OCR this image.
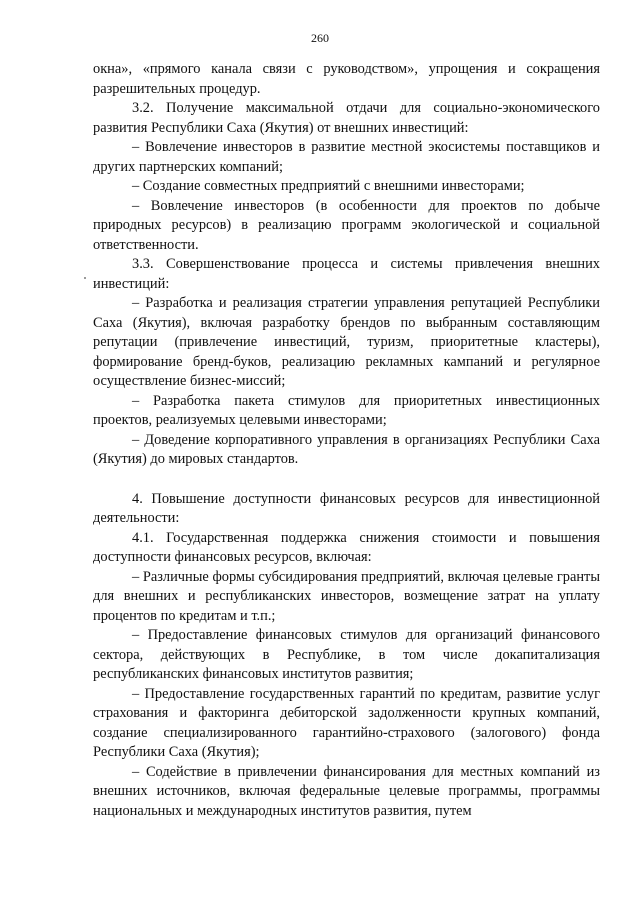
260

окна», «прямого канала связи с руководством», упрощения и сокращения разрешительных процедур.

3.2. Получение максимальной отдачи для социально-экономического развития Республики Саха (Якутия) от внешних инвестиций:

– Вовлечение инвесторов в развитие местной экосистемы поставщиков и других партнерских компаний;

– Создание совместных предприятий с внешними инвесторами;

– Вовлечение инвесторов (в особенности для проектов по добыче природных ресурсов) в реализацию программ экологической и социальной ответственности.

3.3. Совершенствование процесса и системы привлечения внешних инвестиций:

– Разработка и реализация стратегии управления репутацией Республики Саха (Якутия), включая разработку брендов по выбранным составляющим репутации (привлечение инвестиций, туризм, приоритетные кластеры), формирование бренд-буков, реализацию рекламных кампаний и регулярное осуществление бизнес-миссий;

– Разработка пакета стимулов для приоритетных инвестиционных проектов, реализуемых целевыми инвесторами;

– Доведение корпоративного управления в организациях Республики Саха (Якутия) до мировых стандартов.

4. Повышение доступности финансовых ресурсов для инвестиционной деятельности:

4.1. Государственная поддержка снижения стоимости и повышения доступности финансовых ресурсов, включая:

– Различные формы субсидирования предприятий, включая целевые гранты для внешних и республиканских инвесторов, возмещение затрат на уплату процентов по кредитам и т.п.;

– Предоставление финансовых стимулов для организаций финансового сектора, действующих в Республике, в том числе докапитализация республиканских финансовых институтов развития;

– Предоставление государственных гарантий по кредитам, развитие услуг страхования и факторинга дебиторской задолженности крупных компаний, создание специализированного гарантийно-страхового (залогового) фонда Республики Саха (Якутия);

– Содействие в привлечении финансирования для местных компаний из внешних источников, включая федеральные целевые программы, программы национальных и международных институтов развития, путем
